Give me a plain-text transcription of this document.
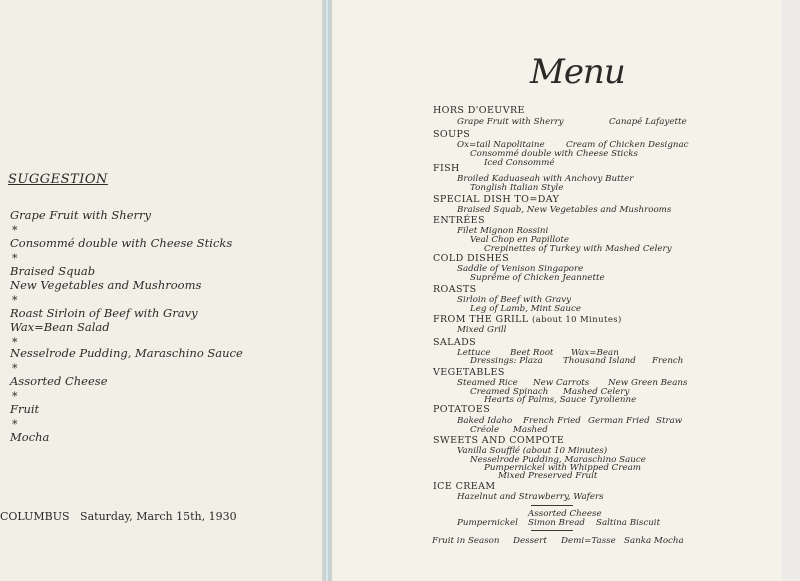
SUGGESTION
Grape Fruit with Sherry
*
Consommé double with Cheese Sticks
*
Braised Squab
New Vegetables and Mushrooms
*
Roast Sirloin of Beef with Gravy
Wax=Bean Salad
*
Nesselrode Pudding, Maraschino Sauce
*
Assorted Cheese
*
Fruit
*
Mocha
COLUMBUS   Saturday, March 15th, 1930
Menu
HORS D'OEUVRE
Grape Fruit with Sherry	Canapé Lafayette
SOUPS
Ox=tail Napolitaine Cream of Chicken Designac
Consommé double with Cheese Sticks
Iced Consommé
FISH
Broiled Kaduaseah with Anchovy Butter
Tonglish Italian Style
SPECIAL DISH TO=DAY
Braised Squab, New Vegetables and Mushrooms
ENTRÉES
Filet Mignon Rossini
Veal Chop en Papillote
Crepinettes of Turkey with Mashed Celery
COLD DISHES
Saddle of Venison Singapore
Suprême of Chicken Jeannette
ROASTS
Sirloin of Beef with Gravy
Leg of Lamb, Mint Sauce
FROM THE GRILL (about 10 Minutes)
Mixed Grill
SALADS
Lettuce Beet Root Wax=Bean
Dressings: Plaza Thousand Island French
VEGETABLES
Steamed Rice New Carrots New Green Beans
Creamed Spinach Mashed Celery
Hearts of Palms, Sauce Tyrolienne
POTATOES
Baked Idaho French Fried German Fried Straw
Créole Mashed
SWEETS AND COMPOTE
Vanilla Soufflé (about 10 Minutes)
Nesselrode Pudding, Maraschino Sauce
Pumpernickel with Whipped Cream
Mixed Preserved Fruit
ICE CREAM
Hazelnut and Strawberry, Wafers
Assorted Cheese
Pumpernickel Simon Bread Saltina Biscuit
Fruit in Season Dessert Demi=Tasse Sanka Mocha
